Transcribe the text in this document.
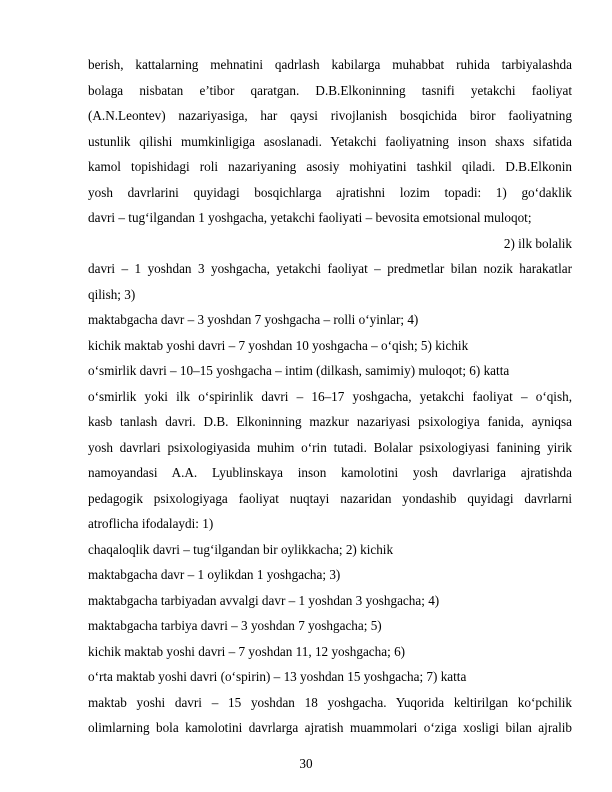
berish, kattalarning mehnatini qadrlash kabilarga muhabbat ruhida tarbiyalashda
bolaga nisbatan e’tibor qaratgan. D.B.Elkoninning tasnifi yetakchi faoliyat
(A.N.Leontev) nazariyasiga, har qaysi rivojlanish bosqichida biror faoliyatning
ustunlik qilishi mumkinligiga asoslanadi. Yetakchi faoliyatning inson shaxs sifatida
kamol topishidagi roli nazariyaning asosiy mohiyatini tashkil qiladi. D.B.Elkonin
yosh davrlarini quyidagi bosqichlarga ajratishni lozim topadi: 1) go‘daklik
davri – tug‘ilgandan 1 yoshgacha, yetakchi faoliyati – bevosita emotsional muloqot;
2) ilk bolalik
davri – 1 yoshdan 3 yoshgacha, yetakchi faoliyat – predmetlar bilan nozik harakatlar
qilish; 3)
maktabgacha davr – 3 yoshdan 7 yoshgacha – rolli o‘yinlar; 4)
kichik maktab yoshi davri – 7 yoshdan 10 yoshgacha – o‘qish; 5) kichik
o‘smirlik davri – 10–15 yoshgacha – intim (dilkash, samimiy) muloqot; 6) katta
o‘smirlik yoki ilk o‘spirinlik davri – 16–17 yoshgacha, yetakchi faoliyat – o‘qish,
kasb tanlash davri. D.B. Elkoninning mazkur nazariyasi psixologiya fanida, ayniqsa
yosh davrlari psixologiyasida muhim o‘rin tutadi. Bolalar psixologiyasi fanining yirik
namoyandasi A.A. Lyublinskaya inson kamolotini yosh davrlariga ajratishda
pedagogik psixologiyaga faoliyat nuqtayi nazaridan yondashib quyidagi davrlarni
atroflicha ifodalaydi: 1)
chaqaloqlik davri – tug‘ilgandan bir oylikkacha; 2) kichik
maktabgacha davr – 1 oylikdan 1 yoshgacha; 3)
maktabgacha tarbiyadan avvalgi davr – 1 yoshdan 3 yoshgacha; 4)
maktabgacha tarbiya davri – 3 yoshdan 7 yoshgacha; 5)
kichik maktab yoshi davri – 7 yoshdan 11, 12 yoshgacha; 6)
o‘rta maktab yoshi davri (o‘spirin) – 13 yoshdan 15 yoshgacha; 7) katta
maktab yoshi davri – 15 yoshdan 18 yoshgacha. Yuqorida keltirilgan ko‘pchilik
olimlarning bola kamolotini davrlarga ajratish muammolari o‘ziga xosligi bilan ajralib
30
